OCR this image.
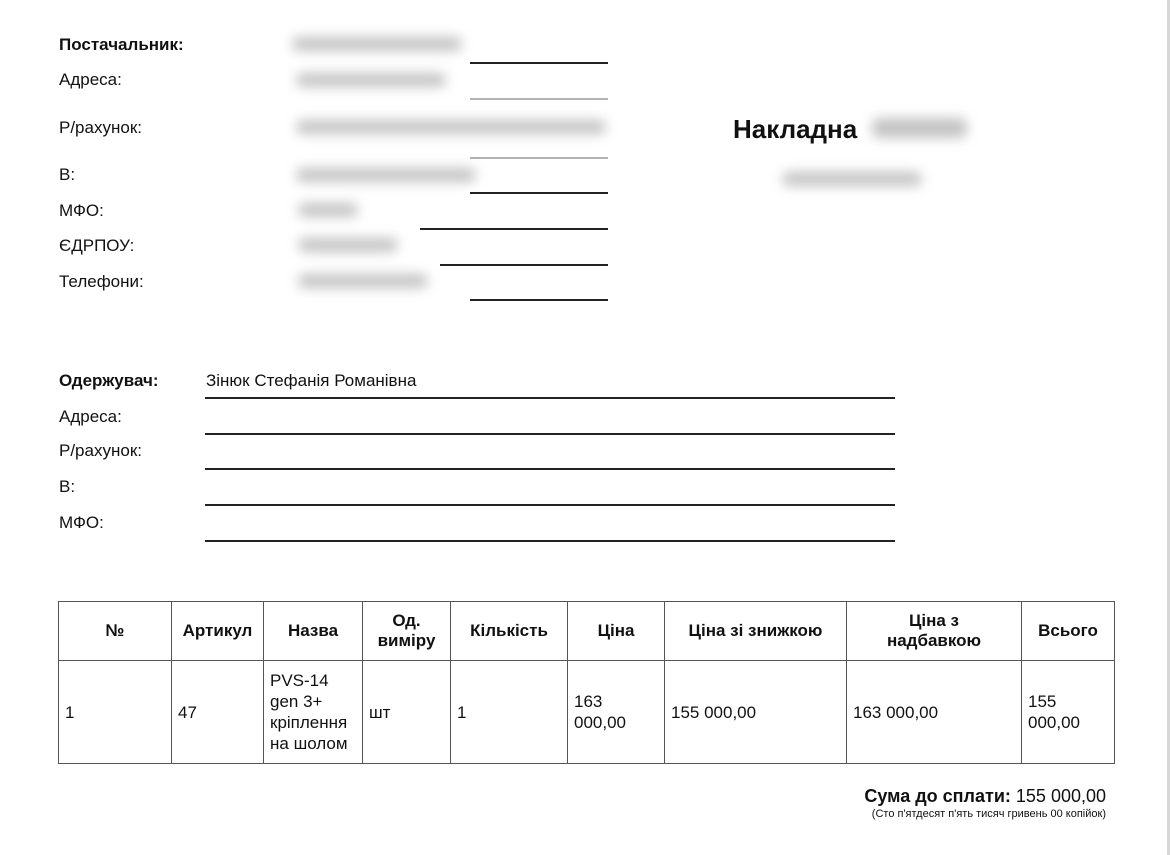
Постачальник:
Адреса:
Р/рахунок:
В:
МФО:
ЄДРПОУ:
Телефони:
Накладна
Одержувач:	Зінюк Стефанія Романівна
Адреса:
Р/рахунок:
В:
МФО:
№	Артикул	Назва	Од. виміру	Кількість	Ціна	Ціна зі знижкою	Ціна з надбавкою	Всього
1	47	PVS-14 gen 3+ кріплення на шолом	шт	1	163 000,00	155 000,00	163 000,00	155 000,00
Сума до сплати: 155 000,00
(Сто п'ятдесят п'ять тисяч гривень 00 копійок)
